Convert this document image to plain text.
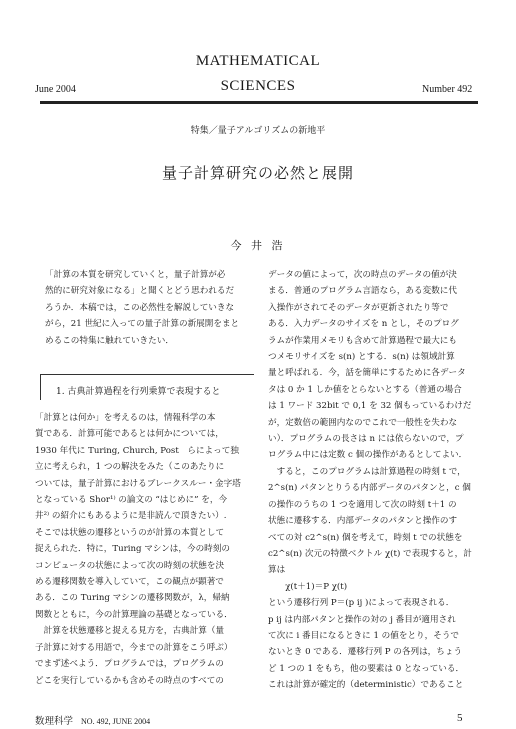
MATHEMATICAL
SCIENCES
June 2004	Number 492
特集／量子アルゴリズムの新地平
量子計算研究の必然と展開
今 井 浩

「計算の本質を研究していくと，量子計算が必

然的に研究対象になる」と聞くとどう思われるだ

ろうか．本稿では，この必然性を解説していきな

がら，21 世紀に入っての量子計算の新展開をまと

めるこの特集に触れていきたい．

1. 古典計算過程を行列乗算で表現すると

「計算とは何か」を考えるのは，情報科学の本

質である．計算可能であるとは何かについては，

1930 年代に Turing, Church, Post　らによって独

立に考えられ，1 つの解決をみた（このあたりに

ついては，量子計算におけるブレークスルー・金字塔

となっている Shor¹⁾ の論文の “はじめに” を，今

井²⁾ の紹介にもあるように是非読んで頂きたい）.

そこでは状態の遷移というのが計算の本質として

捉えられた．特に，Turing マシンは，今の時刻の

コンピュータの状態によって次の時刻の状態を決

める遷移関数を導入していて，この観点が顕著で

ある．この Turing マシンの遷移関数が，λ，帰納

関数とともに，今の計算理論の基礎となっている．

　計算を状態遷移と捉える見方を，古典計算（量

子計算に対する用語で，今までの計算をこう呼ぶ）

でまず述べよう．プログラムでは，プログラムの

どこを実行しているかも含めその時点のすべての

データの値によって，次の時点のデータの値が決

まる．普通のプログラム言語なら，ある変数に代

入操作がされてそのデータが更新されたり等で

ある．入力データのサイズを n とし，そのプログ

ラムが作業用メモリも含めて計算過程で最大にも

つメモリサイズを s(n) とする．s(n) は領域計算

量と呼ばれる．今，話を簡単にするために各データ

タは 0 か 1 しか値をとらないとする（普通の場合

は 1 ワード 32bit で 0,1 を 32 個もっているわけだ

が，定数倍の範囲内なのでこれで一般性を失わな

い）．プログラムの長さは n には依らないので，プ

ログラム中には定数 c 個の操作があるとしてよい．

　すると，このプログラムは計算過程の時刻 t で，

2^s(n) パタンとりうる内部データのパタンと，c 個

の操作のうちの 1 つを適用して次の時刻 t＋1 の

状態に遷移する．内部データのパタンと操作のす

べての対 c2^s(n) 個を考えて，時刻 t での状態を

c2^s(n) 次元の特徴ベクトル χ(t) で表現すると，計

算は

　　χ(t＋1)＝P χ(t)

という遷移行列 P＝(p ij )によって表現される．

p ij は内部パタンと操作の対の j 番目が適用され

て次に i 番目になるときに 1 の値をとり，そうで

ないとき 0 である．遷移行列 P の各列は，ちょう

ど 1 つの 1 をもち，他の要素は 0 となっている．

これは計算が確定的（deterministic）であること

数理科学 NO. 492, JUNE 2004	5
